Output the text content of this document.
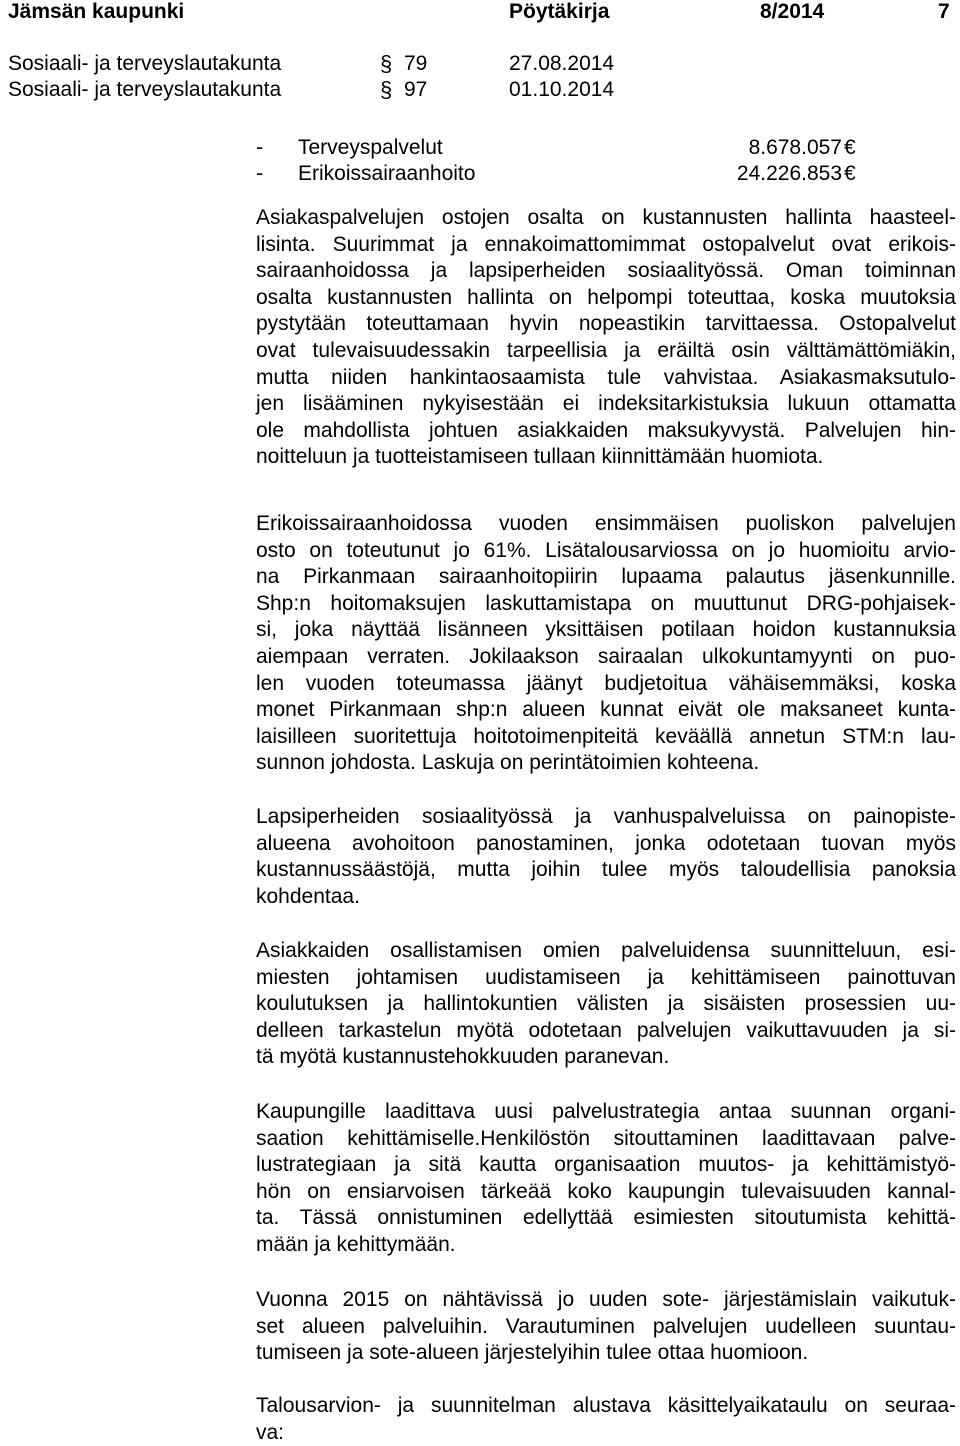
Jämsän kaupunki	Pöytäkirja	8/2014	7
Sosiaali- ja terveyslautakunta	§ 79	27.08.2014
Sosiaali- ja terveyslautakunta	§ 97	01.10.2014
- Terveyspalvelut	8.678.057 €
- Erikoissairaanhoito	24.226.853 €
Asiakaspalvelujen ostojen osalta on kustannusten hallinta haasteel-
lisinta. Suurimmat ja ennakoimattomimmat ostopalvelut ovat erikois-
sairaanhoidossa ja lapsiperheiden sosiaalityössä. Oman toiminnan
osalta kustannusten hallinta on helpompi toteuttaa, koska muutoksia
pystytään toteuttamaan hyvin nopeastikin tarvittaessa. Ostopalvelut
ovat tulevaisuudessakin tarpeellisia ja eräiltä osin välttämättömiäkin,
mutta niiden hankintaosaamista tule vahvistaa. Asiakasmaksutulo-
jen lisääminen nykyisestään ei indeksitarkistuksia lukuun ottamatta
ole mahdollista johtuen asiakkaiden maksukyvystä. Palvelujen hin-
noitteluun ja tuotteistamiseen tullaan kiinnittämään huomiota.
Erikoissairaanhoidossa vuoden ensimmäisen puoliskon palvelujen
osto on toteutunut jo 61%. Lisätalousarviossa on jo huomioitu arvio-
na Pirkanmaan sairaanhoitopiirin lupaama palautus jäsenkunnille.
Shp:n hoitomaksujen laskuttamistapa on muuttunut DRG-pohjaisek-
si, joka näyttää lisänneen yksittäisen potilaan hoidon kustannuksia
aiempaan verraten. Jokilaakson sairaalan ulkokuntamyynti on puo-
len vuoden toteumassa jäänyt budjetoitua vähäisemmäksi, koska
monet Pirkanmaan shp:n alueen kunnat eivät ole maksaneet kunta-
laisilleen suoritettuja hoitotoimenpiteitä keväällä annetun STM:n lau-
sunnon johdosta. Laskuja on perintätoimien kohteena.
Lapsiperheiden sosiaalityössä ja vanhuspalveluissa on painopiste-
alueena avohoitoon panostaminen, jonka odotetaan tuovan myös
kustannussäästöjä, mutta joihin tulee myös taloudellisia panoksia
kohdentaa.
Asiakkaiden osallistamisen omien palveluidensa suunnitteluun, esi-
miesten johtamisen uudistamiseen ja kehittämiseen painottuvan
koulutuksen ja hallintokuntien välisten ja sisäisten prosessien uu-
delleen tarkastelun myötä odotetaan palvelujen vaikuttavuuden ja si-
tä myötä kustannustehokkuuden paranevan.
Kaupungille laadittava uusi palvelustrategia antaa suunnan organi-
saation kehittämiselle.Henkilöstön sitouttaminen laadittavaan palve-
lustrategiaan ja sitä kautta organisaation muutos- ja kehittämistyö-
hön on ensiarvoisen tärkeää koko kaupungin tulevaisuuden kannal-
ta. Tässä onnistuminen edellyttää esimiesten sitoutumista kehittä-
mään ja kehittymään.
Vuonna 2015 on nähtävissä jo uuden sote- järjestämislain vaikutuk-
set alueen palveluihin. Varautuminen palvelujen uudelleen suuntau-
tumiseen ja sote-alueen järjestelyihin tulee ottaa huomioon.
Talousarvion- ja suunnitelman alustava käsittelyaikataulu on seuraa-
va:
